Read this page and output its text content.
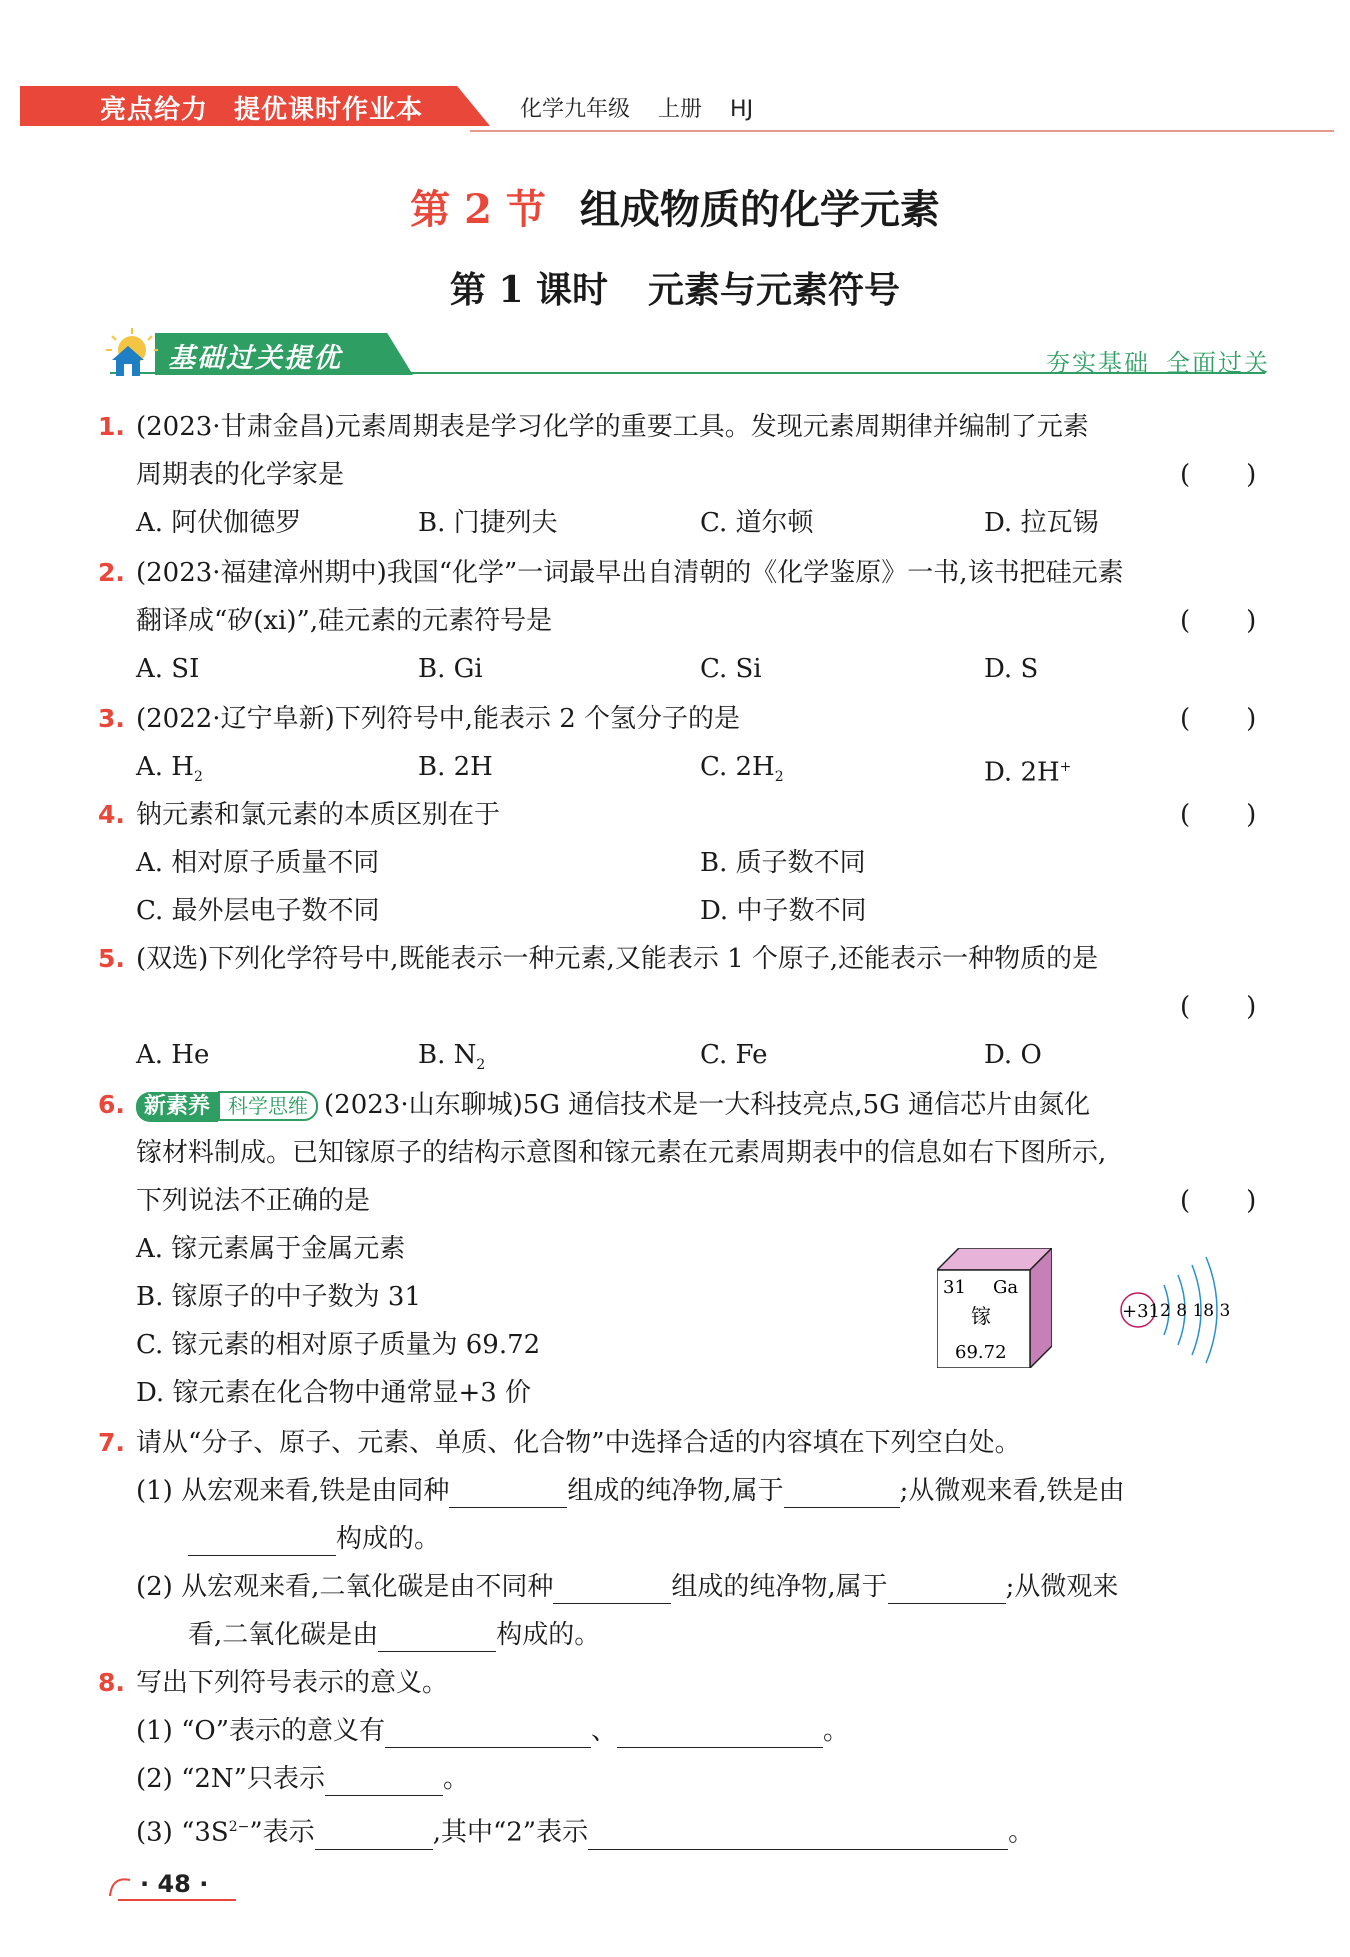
亮点给力 提优课时作业本	化学九年级 上册 HJ
第 2 节 组成物质的化学元素
第 1 课时 元素与元素符号
基础过关提优	夯实基础 全面过关
1. (2023·甘肃金昌)元素周期表是学习化学的重要工具。发现元素周期律并编制了元素
周期表的化学家是	( )
A. 阿伏伽德罗	B. 门捷列夫	C. 道尔顿	D. 拉瓦锡
2. (2023·福建漳州期中)我国“化学”一词最早出自清朝的《化学鉴原》一书,该书把硅元素
翻译成“矽(xi)”,硅元素的元素符号是	( )
A. SI	B. Gi	C. Si	D. S
3. (2022·辽宁阜新)下列符号中,能表示 2 个氢分子的是	( )
A. $H_2$	B. 2H	C. $2H_2$	D. 2H+
4. 钠元素和氯元素的本质区别在于	( )
A. 相对原子质量不同	B. 质子数不同
C. 最外层电子数不同	D. 中子数不同
5. (双选)下列化学符号中,既能表示一种元素,又能表示 1 个原子,还能表示一种物质的是
( )
A. He	B. $N_2$	C. Fe	D. O
6. 新素养 科学思维 (2023·山东聊城)5G 通信技术是一大科技亮点,5G 通信芯片由氮化
镓材料制成。已知镓原子的结构示意图和镓元素在元素周期表中的信息如右下图所示,
下列说法不正确的是	( )
A. 镓元素属于金属元素
B. 镓原子的中子数为 31
C. 镓元素的相对原子质量为 69.72
D. 镓元素在化合物中通常显+3 价
31 Ga
镓
69.72
+31 2 8 18 3
7. 请从“分子、原子、元素、单质、化合物”中选择合适的内容填在下列空白处。
(1) 从宏观来看,铁是由同种	组成的纯净物,属于	;从微观来看,铁是由
构成的。
(2) 从宏观来看,二氧化碳是由不同种	组成的纯净物,属于	;从微观来
看,二氧化碳是由	构成的。
8. 写出下列符号表示的意义。
(1) “O”表示的意义有	、	。
(2) “2N”只表示	。
(3) “$3S^{2-}$”表示	,其中“2”表示	。
· 48 ·
